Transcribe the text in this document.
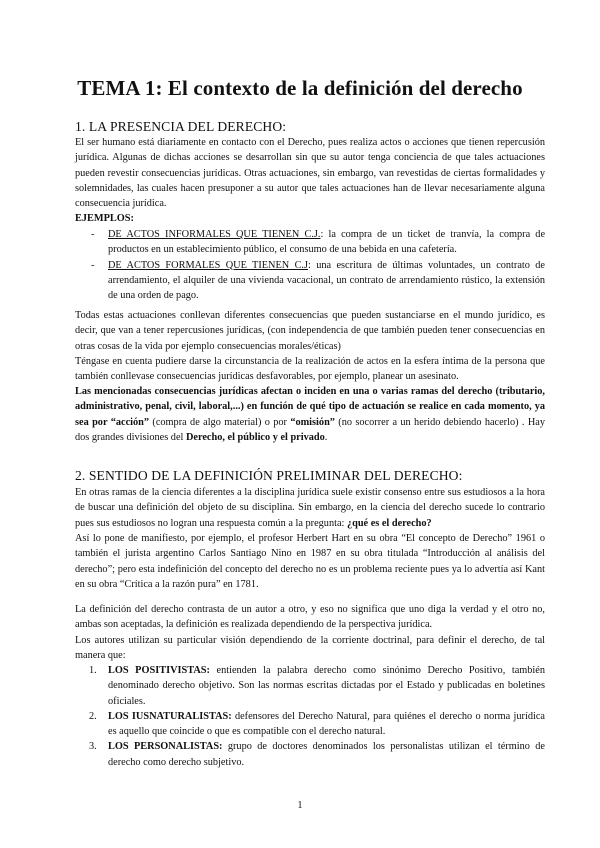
TEMA 1: El contexto de la definición del derecho
1. LA PRESENCIA DEL DERECHO:

El ser humano está diariamente en contacto con el Derecho, pues realiza actos o acciones que tienen repercusión jurídica. Algunas de dichas acciones se desarrollan sin que su autor tenga conciencia de que tales actuaciones pueden revestir consecuencias jurídicas. Otras actuaciones, sin embargo, van revestidas de ciertas formalidades y solemnidades, las cuales hacen presuponer a su autor que tales actuaciones han de llevar necesariamente alguna consecuencia jurídica.

EJEMPLOS:

- DE ACTOS INFORMALES QUE TIENEN C.J.: la compra de un ticket de tranvía, la compra de productos en un establecimiento público, el consumo de una bebida en una cafetería.
- DE ACTOS FORMALES QUE TIENEN C.J: una escritura de últimas voluntades, un contrato de arrendamiento, el alquiler de una vivienda vacacional, un contrato de arrendamiento rústico, la extensión de una orden de pago.

Todas estas actuaciones conllevan diferentes consecuencias que pueden sustanciarse en el mundo jurídico, es decir, que van a tener repercusiones jurídicas, (con independencia de que también pueden tener consecuencias en otras cosas de la vida por ejemplo consecuencias morales/éticas)

Téngase en cuenta pudiere darse la circunstancia de la realización de actos en la esfera íntima de la persona que también conllevase consecuencias jurídicas desfavorables, por ejemplo, planear un asesinato.

Las mencionadas consecuencias jurídicas afectan o inciden en una o varias ramas del derecho (tributario, administrativo, penal, civil, laboral,...) en función de qué tipo de actuación se realice en cada momento, ya sea por “acción” (compra de algo material) o por “omisión” (no socorrer a un herido debiendo hacerlo) . Hay dos grandes divisiones del Derecho, el público y el privado.

2. SENTIDO DE LA DEFINICIÓN PRELIMINAR DEL DERECHO:

En otras ramas de la ciencia diferentes a la disciplina jurídica suele existir consenso entre sus estudiosos a la hora de buscar una definición del objeto de su disciplina. Sin embargo, en la ciencia del derecho sucede lo contrario pues sus estudiosos no logran una respuesta común a la pregunta: ¿qué es el derecho?

Así lo pone de manifiesto, por ejemplo, el profesor Herbert Hart en su obra “El concepto de Derecho” 1961 o también el jurista argentino Carlos Santiago Nino en 1987 en su obra titulada “Introducción al análisis del derecho”; pero esta indefinición del concepto del derecho no es un problema reciente pues ya lo advertía así Kant en su obra “Crítica a la razón pura” en 1781.

La definición del derecho contrasta de un autor a otro, y eso no significa que uno diga la verdad y el otro no, ambas son aceptadas, la definición es realizada dependiendo de la perspectiva jurídica.

Los autores utilizan su particular visión dependiendo de la corriente doctrinal, para definir el derecho, de tal manera que:

1. LOS POSITIVISTAS: entienden la palabra derecho como sinónimo Derecho Positivo, también denominado derecho objetivo. Son las normas escritas dictadas por el Estado y publicadas en boletines oficiales.
2. LOS IUSNATURALISTAS: defensores del Derecho Natural, para quiénes el derecho o norma jurídica es aquello que coincide o que es compatible con el derecho natural.
3. LOS PERSONALISTAS: grupo de doctores denominados los personalistas utilizan el término de derecho como derecho subjetivo.
1
